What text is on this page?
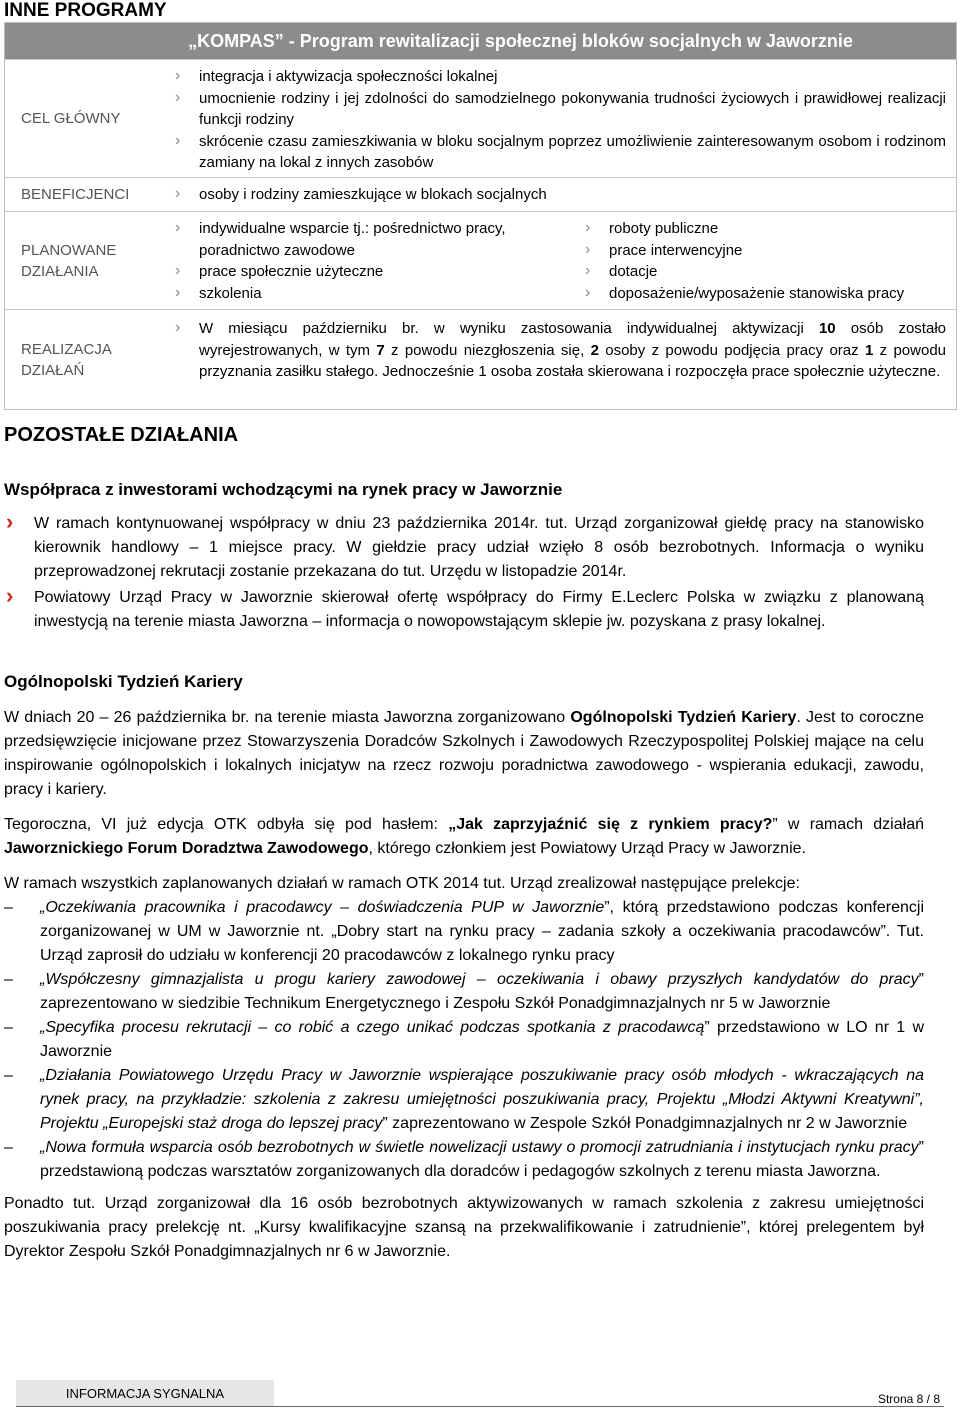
INNE PROGRAMY
„KOMPAS” - Program rewitalizacji społecznej bloków socjalnych w Jaworznie
CEL GŁÓWNY
› integracja i aktywizacja społeczności lokalnej
› umocnienie rodziny i jej zdolności do samodzielnego pokonywania trudności życiowych i prawidłowej realizacji funkcji rodziny
› skrócenie czasu zamieszkiwania w bloku socjalnym poprzez umożliwienie zainteresowanym osobom i rodzinom zamiany na lokal z innych zasobów
BENEFICJENCI
›	osoby i rodziny zamieszkujące w blokach socjalnych
PLANOWANE DZIAŁANIA
› indywidualne wsparcie tj.: pośrednictwo pracy,
poradnictwo zawodowe
› prace społecznie użyteczne
› szkolenia
› roboty publiczne
› prace interwencyjne
› dotacje
› doposażenie/wyposażenie stanowiska pracy
REALIZACJA DZIAŁAŃ
› W miesiącu październiku br. w wyniku zastosowania indywidualnej aktywizacji 10 osób zostało wyrejestrowanych, w tym 7 z powodu niezgłoszenia się, 2 osoby z powodu podjęcia pracy oraz 1 z powodu przyznania zasiłku stałego. Jednocześnie 1 osoba została skierowana i rozpoczęła prace społecznie użyteczne.
POZOSTAŁE DZIAŁANIA
Współpraca z inwestorami wchodzącymi na rynek pracy w Jaworznie
› W ramach kontynuowanej współpracy w dniu 23 października 2014r. tut. Urząd zorganizował giełdę pracy na stanowisko kierownik handlowy – 1 miejsce pracy. W giełdzie pracy udział wzięło 8 osób bezrobotnych. Informacja o wyniku przeprowadzonej rekrutacji zostanie przekazana do tut. Urzędu w listopadzie 2014r.
› Powiatowy Urząd Pracy w Jaworznie skierował ofertę współpracy do Firmy E.Leclerc Polska w związku z planowaną inwestycją na terenie miasta Jaworzna – informacja o nowopowstającym sklepie jw. pozyskana z prasy lokalnej.
Ogólnopolski Tydzień Kariery

W dniach 20 – 26 października br. na terenie miasta Jaworzna zorganizowano Ogólnopolski Tydzień Kariery. Jest to coroczne przedsięwzięcie inicjowane przez Stowarzyszenia Doradców Szkolnych i Zawodowych Rzeczypospolitej Polskiej mające na celu inspirowanie ogólnopolskich i lokalnych inicjatyw na rzecz rozwoju poradnictwa zawodowego - wspierania edukacji, zawodu, pracy i kariery.

Tegoroczna, VI już edycja OTK odbyła się pod hasłem: „Jak zaprzyjaźnić się z rynkiem pracy?” w ramach działań Jaworznickiego Forum Doradztwa Zawodowego, którego członkiem jest Powiatowy Urząd Pracy w Jaworznie.

W ramach wszystkich zaplanowanych działań w ramach OTK 2014 tut. Urząd zrealizował następujące prelekcje:

– „Oczekiwania pracownika i pracodawcy – doświadczenia PUP w Jaworznie”, którą przedstawiono podczas konferencji zorganizowanej w UM w Jaworznie nt. „Dobry start na rynku pracy – zadania szkoły a oczekiwania pracodawców”. Tut. Urząd zaprosił do udziału w konferencji 20 pracodawców z lokalnego rynku pracy
– „Współczesny gimnazjalista u progu kariery zawodowej – oczekiwania i obawy przyszłych kandydatów do pracy” zaprezentowano w siedzibie Technikum Energetycznego i Zespołu Szkół Ponadgimnazjalnych nr 5 w Jaworznie
– „Specyfika procesu rekrutacji – co robić a czego unikać podczas spotkania z pracodawcą” przedstawiono w LO nr 1 w Jaworznie
– „Działania Powiatowego Urzędu Pracy w Jaworznie wspierające poszukiwanie pracy osób młodych - wkraczających na rynek pracy, na przykładzie: szkolenia z zakresu umiejętności poszukiwania pracy, Projektu „Młodzi Aktywni Kreatywni”, Projektu „Europejski staż droga do lepszej pracy” zaprezentowano w Zespole Szkół Ponadgimnazjalnych nr 2 w Jaworznie
– „Nowa formuła wsparcia osób bezrobotnych w świetle nowelizacji ustawy o promocji zatrudniania i instytucjach rynku pracy” przedstawioną podczas warsztatów zorganizowanych dla doradców i pedagogów szkolnych z terenu miasta Jaworzna.

Ponadto tut. Urząd zorganizował dla 16 osób bezrobotnych aktywizowanych w ramach szkolenia z zakresu umiejętności poszukiwania pracy prelekcję nt. „Kursy kwalifikacyjne szansą na przekwalifikowanie i zatrudnienie”, której prelegentem był Dyrektor Zespołu Szkół Ponadgimnazjalnych nr 6 w Jaworznie.

INFORMACJA SYGNALNA	Strona 8 / 8
